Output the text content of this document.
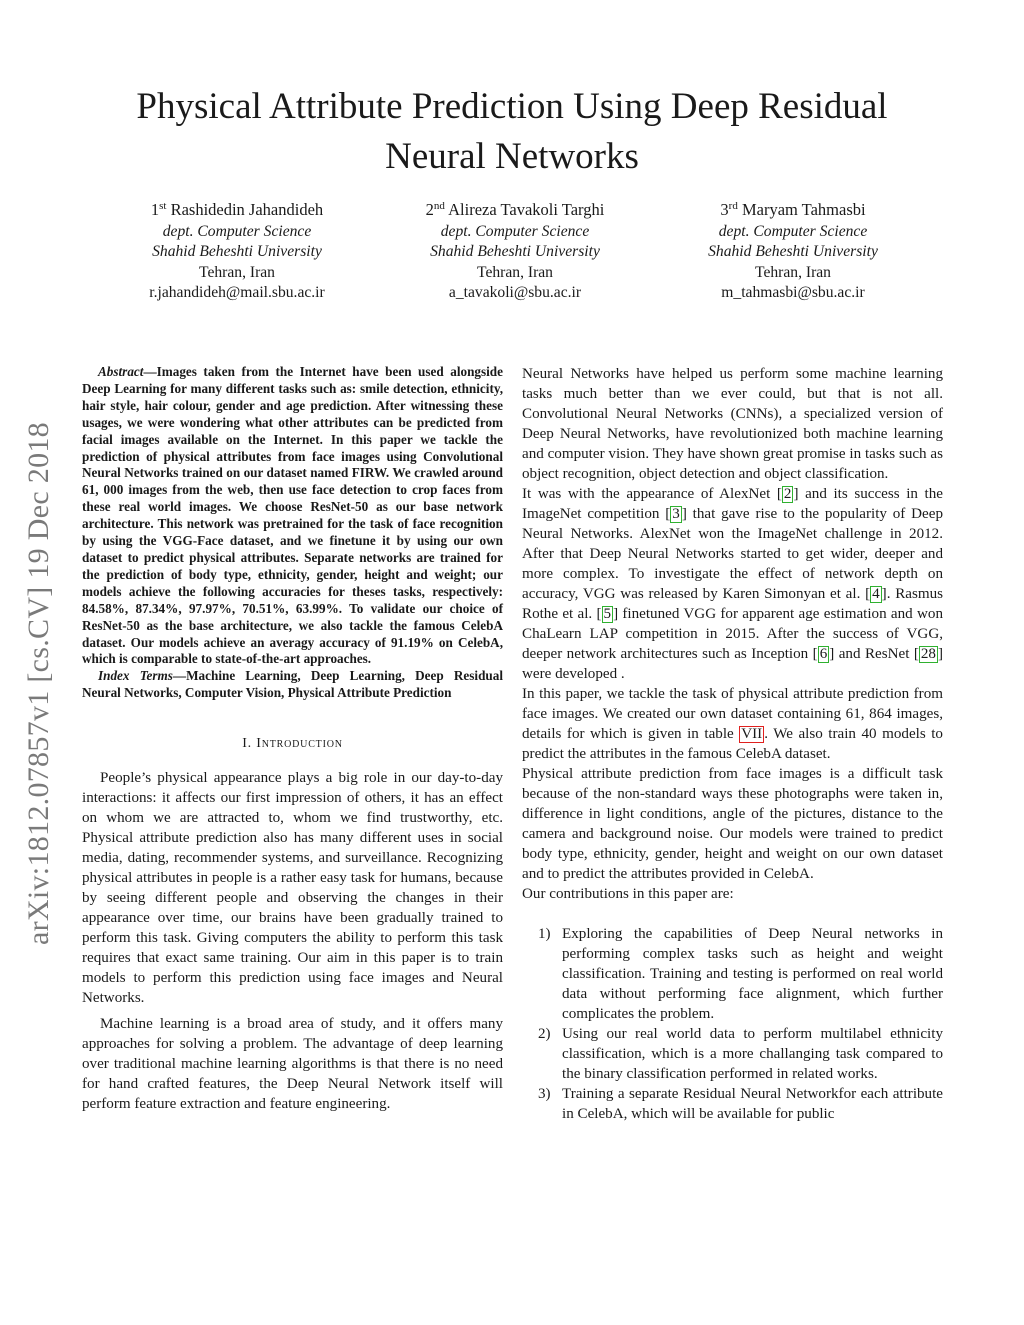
Physical Attribute Prediction Using Deep Residual
Neural Networks
1st Rashidedin Jahandideh
dept. Computer Science
Shahid Beheshti University
Tehran, Iran
r.jahandideh@mail.sbu.ac.ir
2nd Alireza Tavakoli Targhi
dept. Computer Science
Shahid Beheshti University
Tehran, Iran
a_tavakoli@sbu.ac.ir
3rd Maryam Tahmasbi
dept. Computer Science
Shahid Beheshti University
Tehran, Iran
m_tahmasbi@sbu.ac.ir
arXiv:1812.07857v1 [cs.CV] 19 Dec 2018

Abstract—Images taken from the Internet have been used alongside Deep Learning for many different tasks such as: smile detection, ethnicity, hair style, hair colour, gender and age prediction. After witnessing these usages, we were wondering what other attributes can be predicted from facial images available on the Internet. In this paper we tackle the prediction of physical attributes from face images using Convolutional Neural Networks trained on our dataset named FIRW. We crawled around 61, 000 images from the web, then use face detection to crop faces from these real world images. We choose ResNet-50 as our base network architecture. This network was pretrained for the task of face recognition by using the VGG-Face dataset, and we finetune it by using our own dataset to predict physical attributes. Separate networks are trained for the prediction of body type, ethnicity, gender, height and weight; our models achieve the following accuracies for theses tasks, respectively: 84.58%, 87.34%, 97.97%, 70.51%, 63.99%. To validate our choice of ResNet-50 as the base architecture, we also tackle the famous CelebA dataset. Our models achieve an averagy accuracy of 91.19% on CelebA, which is comparable to state-of-the-art approaches.

Index Terms—Machine Learning, Deep Learning, Deep Residual Neural Networks, Computer Vision, Physical Attribute Prediction

I. Introduction

People’s physical appearance plays a big role in our day-to-day interactions: it affects our first impression of others, it has an effect on whom we are attracted to, whom we find trustworthy, etc. Physical attribute prediction also has many different uses in social media, dating, recommender systems, and surveillance. Recognizing physical attributes in people is a rather easy task for humans, because by seeing different people and observing the changes in their appearance over time, our brains have been gradually trained to perform this task. Giving computers the ability to perform this task requires that exact same training. Our aim in this paper is to train models to perform this prediction using face images and Neural Networks.

Machine learning is a broad area of study, and it offers many approaches for solving a problem. The advantage of deep learning over traditional machine learning algorithms is that there is no need for hand crafted features, the Deep Neural Network itself will perform feature extraction and feature engineering.

Neural Networks have helped us perform some machine learning tasks much better than we ever could, but that is not all. Convolutional Neural Networks (CNNs), a specialized version of Deep Neural Networks, have revolutionized both machine learning and computer vision. They have shown great promise in tasks such as object recognition, object detection and object classification.

It was with the appearance of AlexNet [ 2 ] and its success in the ImageNet competition [ 3 ] that gave rise to the popularity of Deep Neural Networks. AlexNet won the ImageNet challenge in 2012. After that Deep Neural Networks started to get wider, deeper and more complex. To investigate the effect of network depth on accuracy, VGG was released by Karen Simonyan et al. [ 4 ]. Rasmus Rothe et al. [ 5 ] finetuned VGG for apparent age estimation and won ChaLearn LAP competition in 2015. After the success of VGG, deeper network architectures such as Inception [ 6 ] and ResNet [ 28 ] were developed .

In this paper, we tackle the task of physical attribute prediction from face images. We created our own dataset containing 61, 864 images, details for which is given in table VII . We also train 40 models to predict the attributes in the famous CelebA dataset.

Physical attribute prediction from face images is a difficult task because of the non-standard ways these photographs were taken in, difference in light conditions, angle of the pictures, distance to the camera and background noise. Our models were trained to predict body type, ethnicity, gender, height and weight on our own dataset and to predict the attributes provided in CelebA.

Our contributions in this paper are:

1) Exploring the capabilities of Deep Neural networks in performing complex tasks such as height and weight classification. Training and testing is performed on real world data without performing face alignment, which further complicates the problem.
2) Using our real world data to perform multilabel ethnicity classification, which is a more challanging task compared to the binary classification performed in related works.
3) Training a separate Residual Neural Networkfor each attribute in CelebA, which will be available for public
